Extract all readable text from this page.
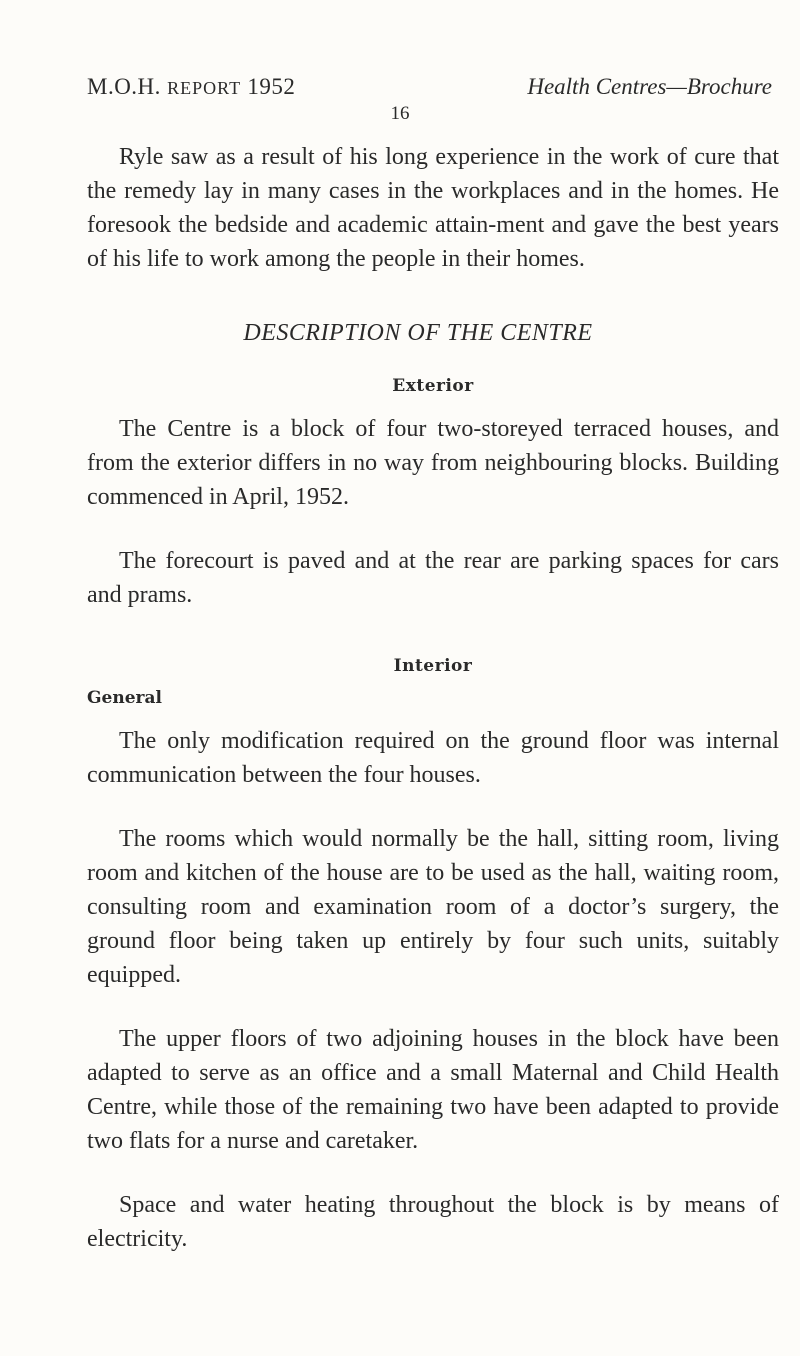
M.O.H. REPORT 1952	Health Centres—Brochure
16

Ryle saw as a result of his long experience in the work of cure that the remedy lay in many cases in the workplaces and in the homes. He foresook the bedside and academic attain-ment and gave the best years of his life to work among the people in their homes.

DESCRIPTION OF THE CENTRE
Exterior

The Centre is a block of four two-storeyed terraced houses, and from the exterior differs in no way from neighbouring blocks. Building commenced in April, 1952.

The forecourt is paved and at the rear are parking spaces for cars and prams.

Interior
General

The only modification required on the ground floor was internal communication between the four houses.

The rooms which would normally be the hall, sitting room, living room and kitchen of the house are to be used as the hall, waiting room, consulting room and examination room of a doctor’s surgery, the ground floor being taken up entirely by four such units, suitably equipped.

The upper floors of two adjoining houses in the block have been adapted to serve as an office and a small Maternal and Child Health Centre, while those of the remaining two have been adapted to provide two flats for a nurse and caretaker.

Space and water heating throughout the block is by means of electricity.
